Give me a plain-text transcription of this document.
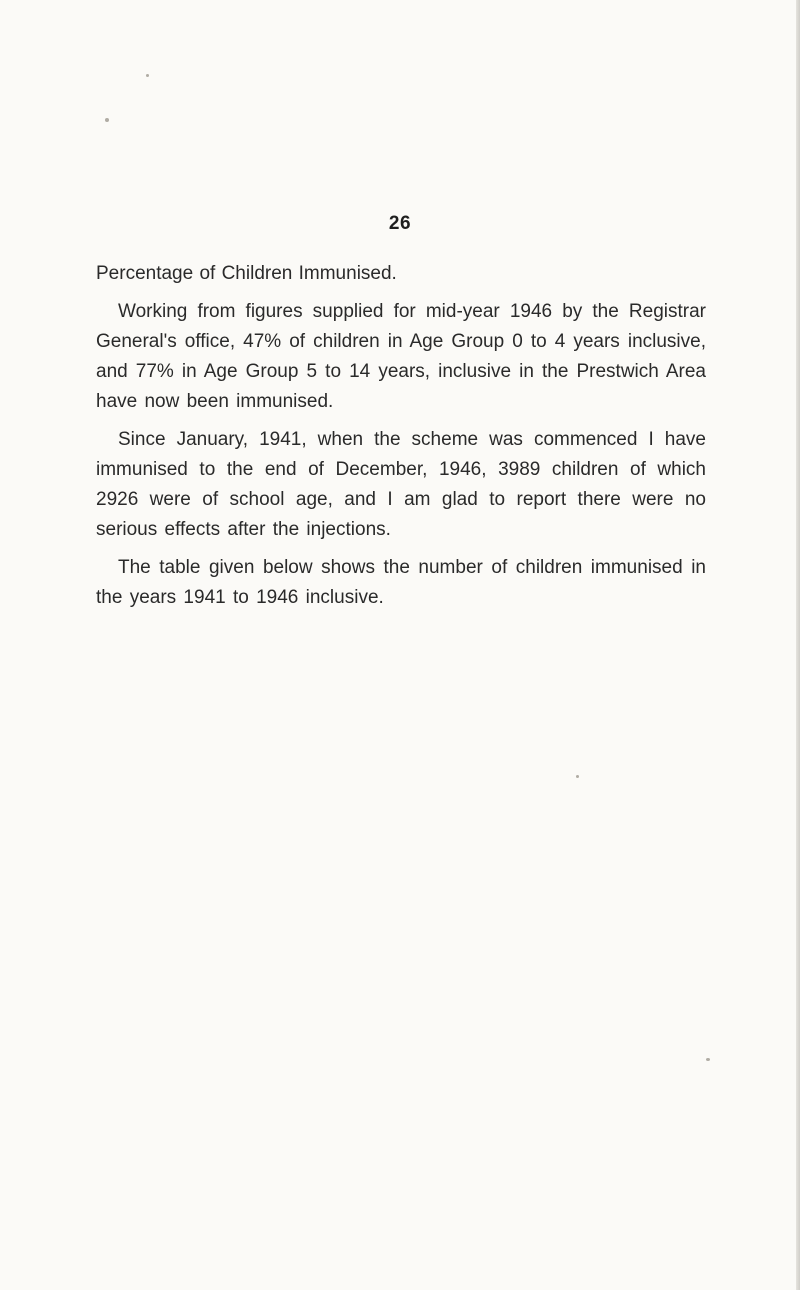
26

Percentage of Children Immunised.

Working from figures supplied for mid-year 1946 by the Registrar General's office, 47% of children in Age Group 0 to 4 years inclusive, and 77% in Age Group 5 to 14 years, inclusive in the Prestwich Area have now been immunised.

Since January, 1941, when the scheme was commenced I have immunised to the end of December, 1946, 3989 children of which 2926 were of school age, and I am glad to report there were no serious effects after the injections.

The table given below shows the number of children immunised in the years 1941 to 1946 inclusive.
